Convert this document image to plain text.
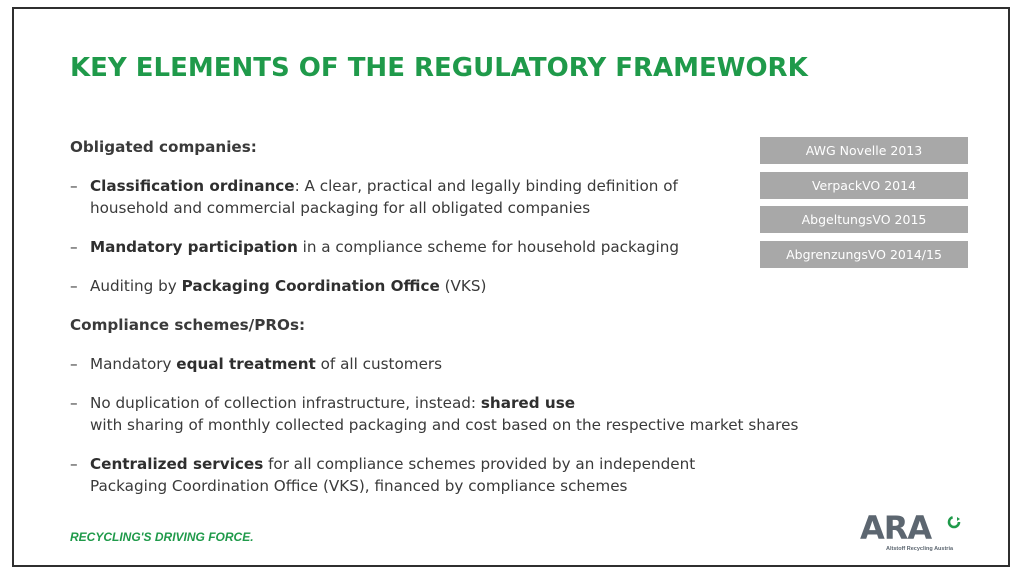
KEY ELEMENTS OF THE REGULATORY FRAMEWORK
Obligated companies:
– Classification ordinance: A clear, practical and legally binding definition of
household and commercial packaging for all obligated companies
– Mandatory participation in a compliance scheme for household packaging
– Auditing by Packaging Coordination Office (VKS)
Compliance schemes/PROs:
– Mandatory equal treatment of all customers
– No duplication of collection infrastructure, instead: shared use
with sharing of monthly collected packaging and cost based on the respective market shares
– Centralized services for all compliance schemes provided by an independent
Packaging Coordination Office (VKS), financed by compliance schemes
AWG Novelle 2013
VerpackVO 2014
AbgeltungsVO 2015
AbgrenzungsVO 2014/15
RECYCLING'S DRIVING FORCE.	ARA
Altstoff Recycling Austria
